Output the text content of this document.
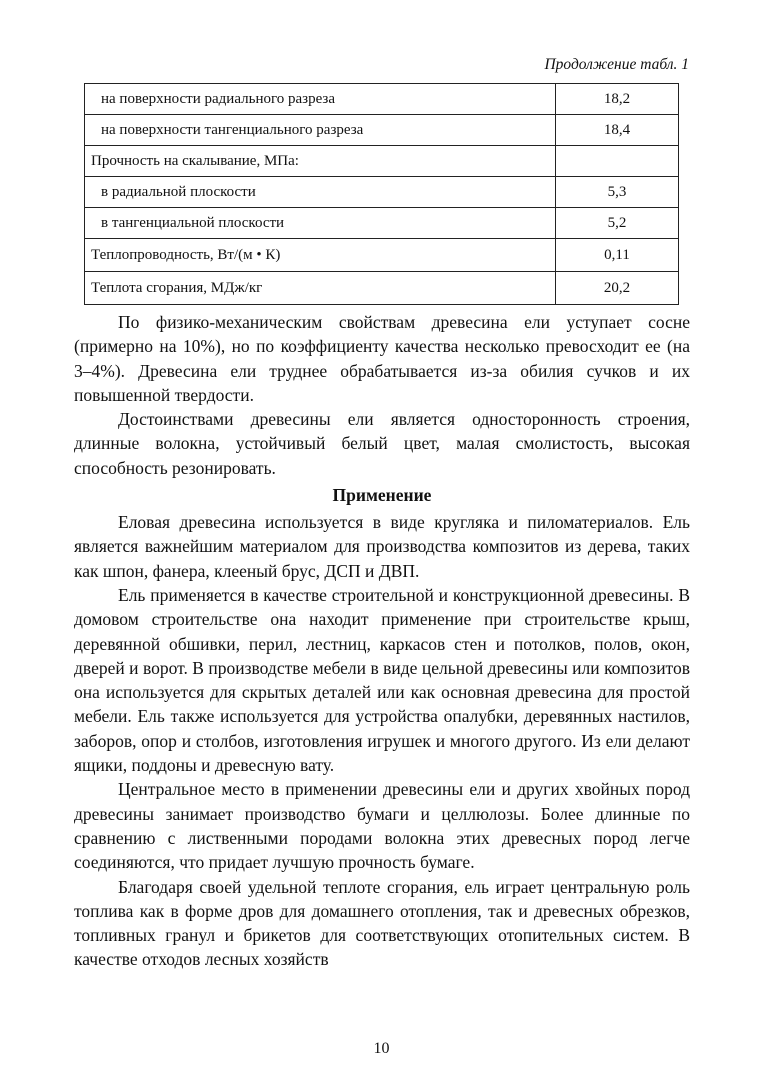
Продолжение табл. 1
на поверхности радиального разреза	18,2
на поверхности тангенциального разреза	18,4
Прочность на скалывание, МПа:	
в радиальной плоскости	5,3
в тангенциальной плоскости	5,2
Теплопроводность, Вт/(м • К)	0,11
Теплота сгорания, МДж/кг	20,2

По физико-механическим свойствам древесина ели уступает сосне (примерно на 10%), но по коэффициенту качества несколько превосходит ее (на 3–4%). Древесина ели труднее обрабатывается из-за обилия сучков и их повышенной твердости.

Достоинствами древесины ели является односторонность строения, длинные волокна, устойчивый белый цвет, малая смолистость, высокая способность резонировать.

Применение

Еловая древесина используется в виде кругляка и пиломатериалов. Ель является важнейшим материалом для производства композитов из дерева, таких как шпон, фанера, клееный брус, ДСП и ДВП.

Ель применяется в качестве строительной и конструкционной древесины. В домовом строительстве она находит применение при строительстве крыш, деревянной обшивки, перил, лестниц, каркасов стен и потолков, полов, окон, дверей и ворот. В производстве мебели в виде цельной древесины или композитов она используется для скрытых деталей или как основная древесина для простой мебели. Ель также используется для устройства опалубки, деревянных настилов, заборов, опор и столбов, изготовления игрушек и многого другого. Из ели делают ящики, поддоны и древесную вату.

Центральное место в применении древесины ели и других хвойных пород древесины занимает производство бумаги и целлюлозы. Более длинные по сравнению с лиственными породами волокна этих древесных пород легче соединяются, что придает лучшую прочность бумаге.

Благодаря своей удельной теплоте сгорания, ель играет центральную роль топлива как в форме дров для домашнего отопления, так и древесных обрезков, топливных гранул и брикетов для соответствующих отопительных систем. В качестве отходов лесных хозяйств

10
